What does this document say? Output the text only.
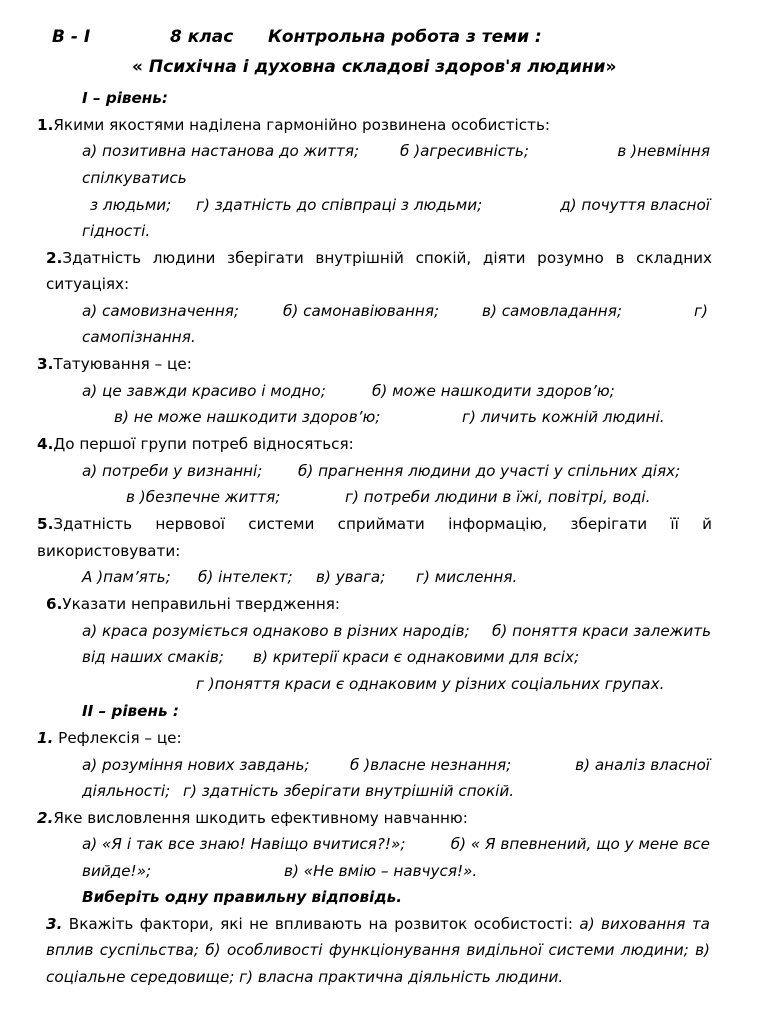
В - І	8 клас Контрольна робота з теми :
« Психічна і духовна складові здоров'я людини»
І – рівень:
1.Якими якостями наділена гармонійно розвинена особистість:
а) позитивна настанова до життя;	б )агресивність;	в )невміння
спілкуватись
з людьми; г) здатність до співпраці з людьми;	д) почуття власної
гідності.
2.Здатність людини зберігати внутрішній спокій, діяти розумно в складних
ситуаціях:
а) самовизначення;	б) самонавіювання;	в) самовладання;	г)
самопізнання.
3.Татуювання – це:
а) це завжди красиво і модно;	б) може нашкодити здоров’ю;
в) не може нашкодити здоров’ю;	г) личить кожній людині.
4.До першої групи потреб відносяться:
а) потреби у визнанні; б) прагнення людини до участі у спільних діях;
в )безпечне життя;	г) потреби людини в їжі, повітрі, воді.
5.Здатність нервової системи сприймати інформацію, зберігати її й
використовувати:
А )пам’ять; б) інтелект; в) увага; г) мислення.
6.Указати неправильні твердження:
а) краса розуміється однаково в різних народів; б) поняття краси залежить
від наших смаків; в) критерії краси є однаковими для всіх;
г )поняття краси є однаковим у різних соціальних групах.
ІІ – рівень :
1. Рефлексія – це:
а) розуміння нових завдань;	б )власне незнання;	в) аналіз власної
діяльності; г) здатність зберігати внутрішній спокій.
2.Яке висловлення шкодить ефективному навчанню:
а) «Я і так все знаю! Навіщо вчитися?!»;	б) « Я впевнений, що у мене все
вийде!»;	в) «Не вмію – навчуся!».
Виберіть одну правильну відповідь.
3. Вкажіть фактори, які не впливають на розвиток особистості: а) виховання та
вплив суспільства; б) особливості функціонування видільної системи людини; в)
соціальне середовище; г) власна практична діяльність людини.
